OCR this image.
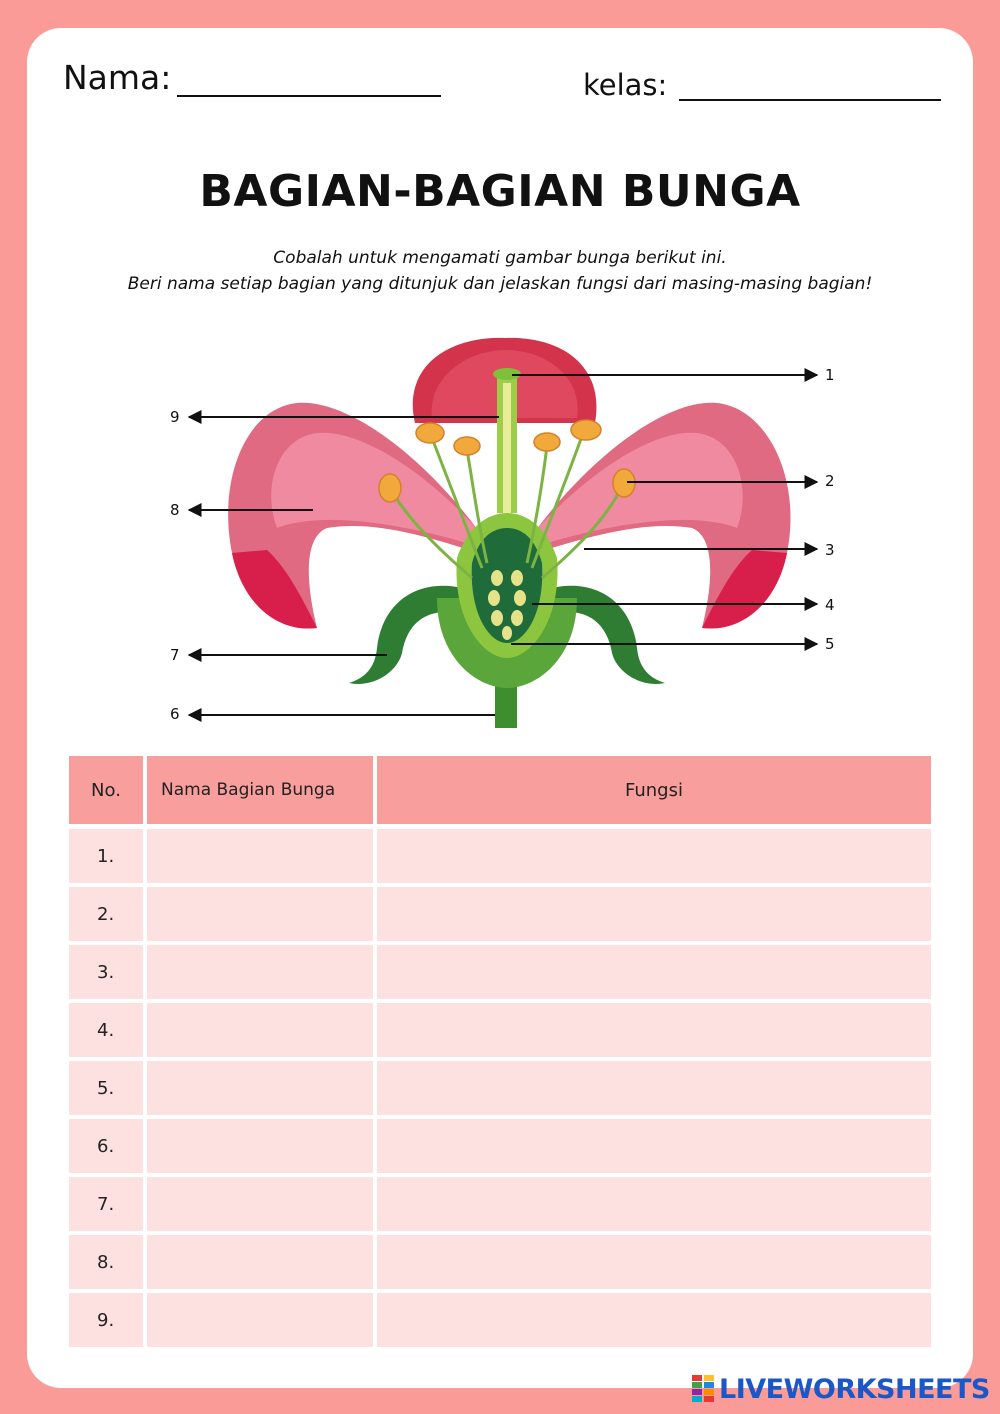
Nama:	kelas:
BAGIAN-BAGIAN BUNGA
Cobalah untuk mengamati gambar bunga berikut ini.
Beri nama setiap bagian yang ditunjuk dan jelaskan fungsi dari masing-masing bagian!
1
2
3
4
5
6
7
8
9
No.	Nama Bagian Bunga	Fungsi
1.
2.
3.
4.
5.
6.
7.
8.
9.
LIVEWORKSHEETS
